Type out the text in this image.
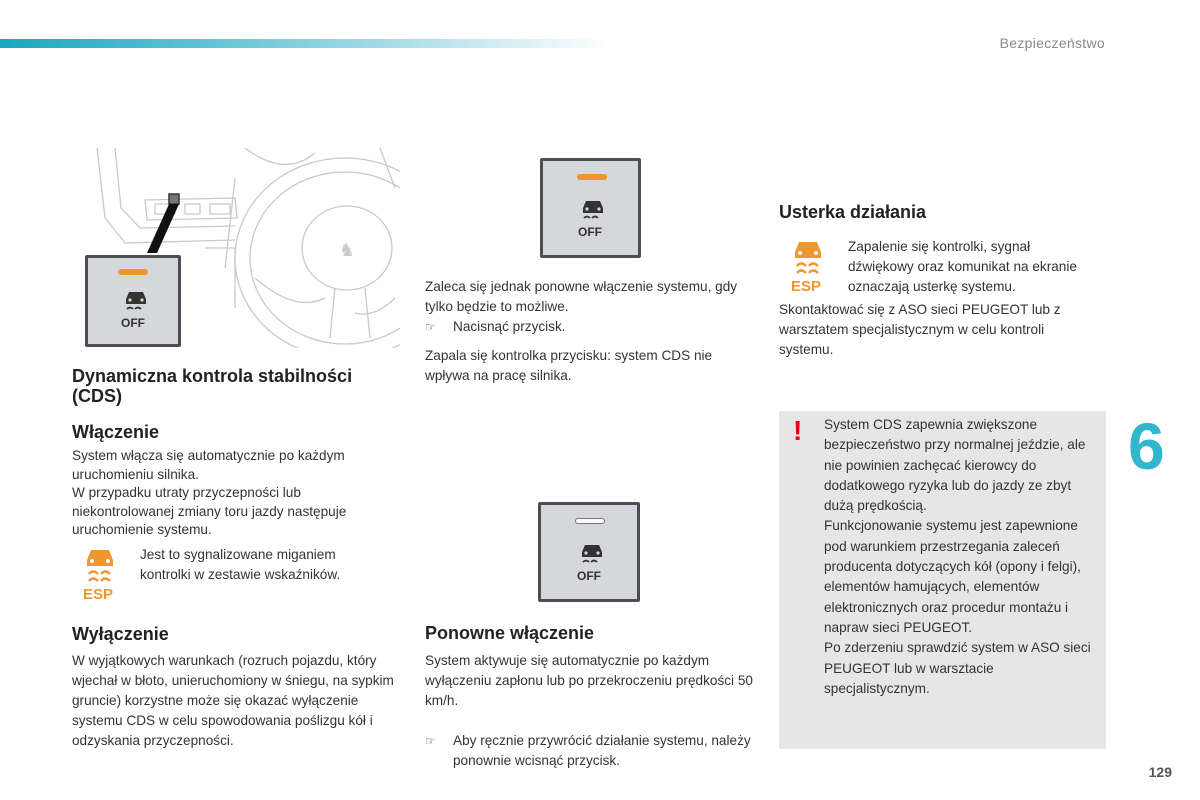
Bezpieczeństwo
6
129
♞
OFF
Dynamiczna kontrola stabilności (CDS)
Włączenie
System włącza się automatycznie po każdym uruchomieniu silnika.
W przypadku utraty przyczepności lub niekontrolowanej zmiany toru jazdy następuje uruchomienie systemu.
ESP
Jest to sygnalizowane miganiem kontrolki w zestawie wskaźników.
Wyłączenie
W wyjątkowych warunkach (rozruch pojazdu, który wjechał w błoto, unieruchomiony w śniegu, na sypkim gruncie) korzystne może się okazać wyłączenie systemu CDS w celu spowodowania poślizgu kół i odzyskania przyczepności.
OFF
Zaleca się jednak ponowne włączenie systemu, gdy tylko będzie to możliwe.
☞ Nacisnąć przycisk.
Zapala się kontrolka przycisku: system CDS nie wpływa na pracę silnika.
OFF
Ponowne włączenie
System aktywuje się automatycznie po każdym wyłączeniu zapłonu lub po przekroczeniu prędkości 50 km/h.
☞ Aby ręcznie przywrócić działanie systemu, należy ponownie wcisnąć przycisk.
Usterka działania
ESP
Zapalenie się kontrolki, sygnał dźwiękowy oraz komunikat na ekranie oznaczają usterkę systemu.
Skontaktować się z ASO sieci PEUGEOT lub z warsztatem specjalistycznym w celu kontroli systemu.
! System CDS zapewnia zwiększone bezpieczeństwo przy normalnej jeździe, ale nie powinien zachęcać kierowcy do dodatkowego ryzyka lub do jazdy ze zbyt dużą prędkością.
Funkcjonowanie systemu jest zapewnione pod warunkiem przestrzegania zaleceń producenta dotyczących kół (opony i felgi), elementów hamujących, elementów elektronicznych oraz procedur montażu i napraw sieci PEUGEOT.
Po zderzeniu sprawdzić system w ASO sieci PEUGEOT lub w warsztacie specjalistycznym.
